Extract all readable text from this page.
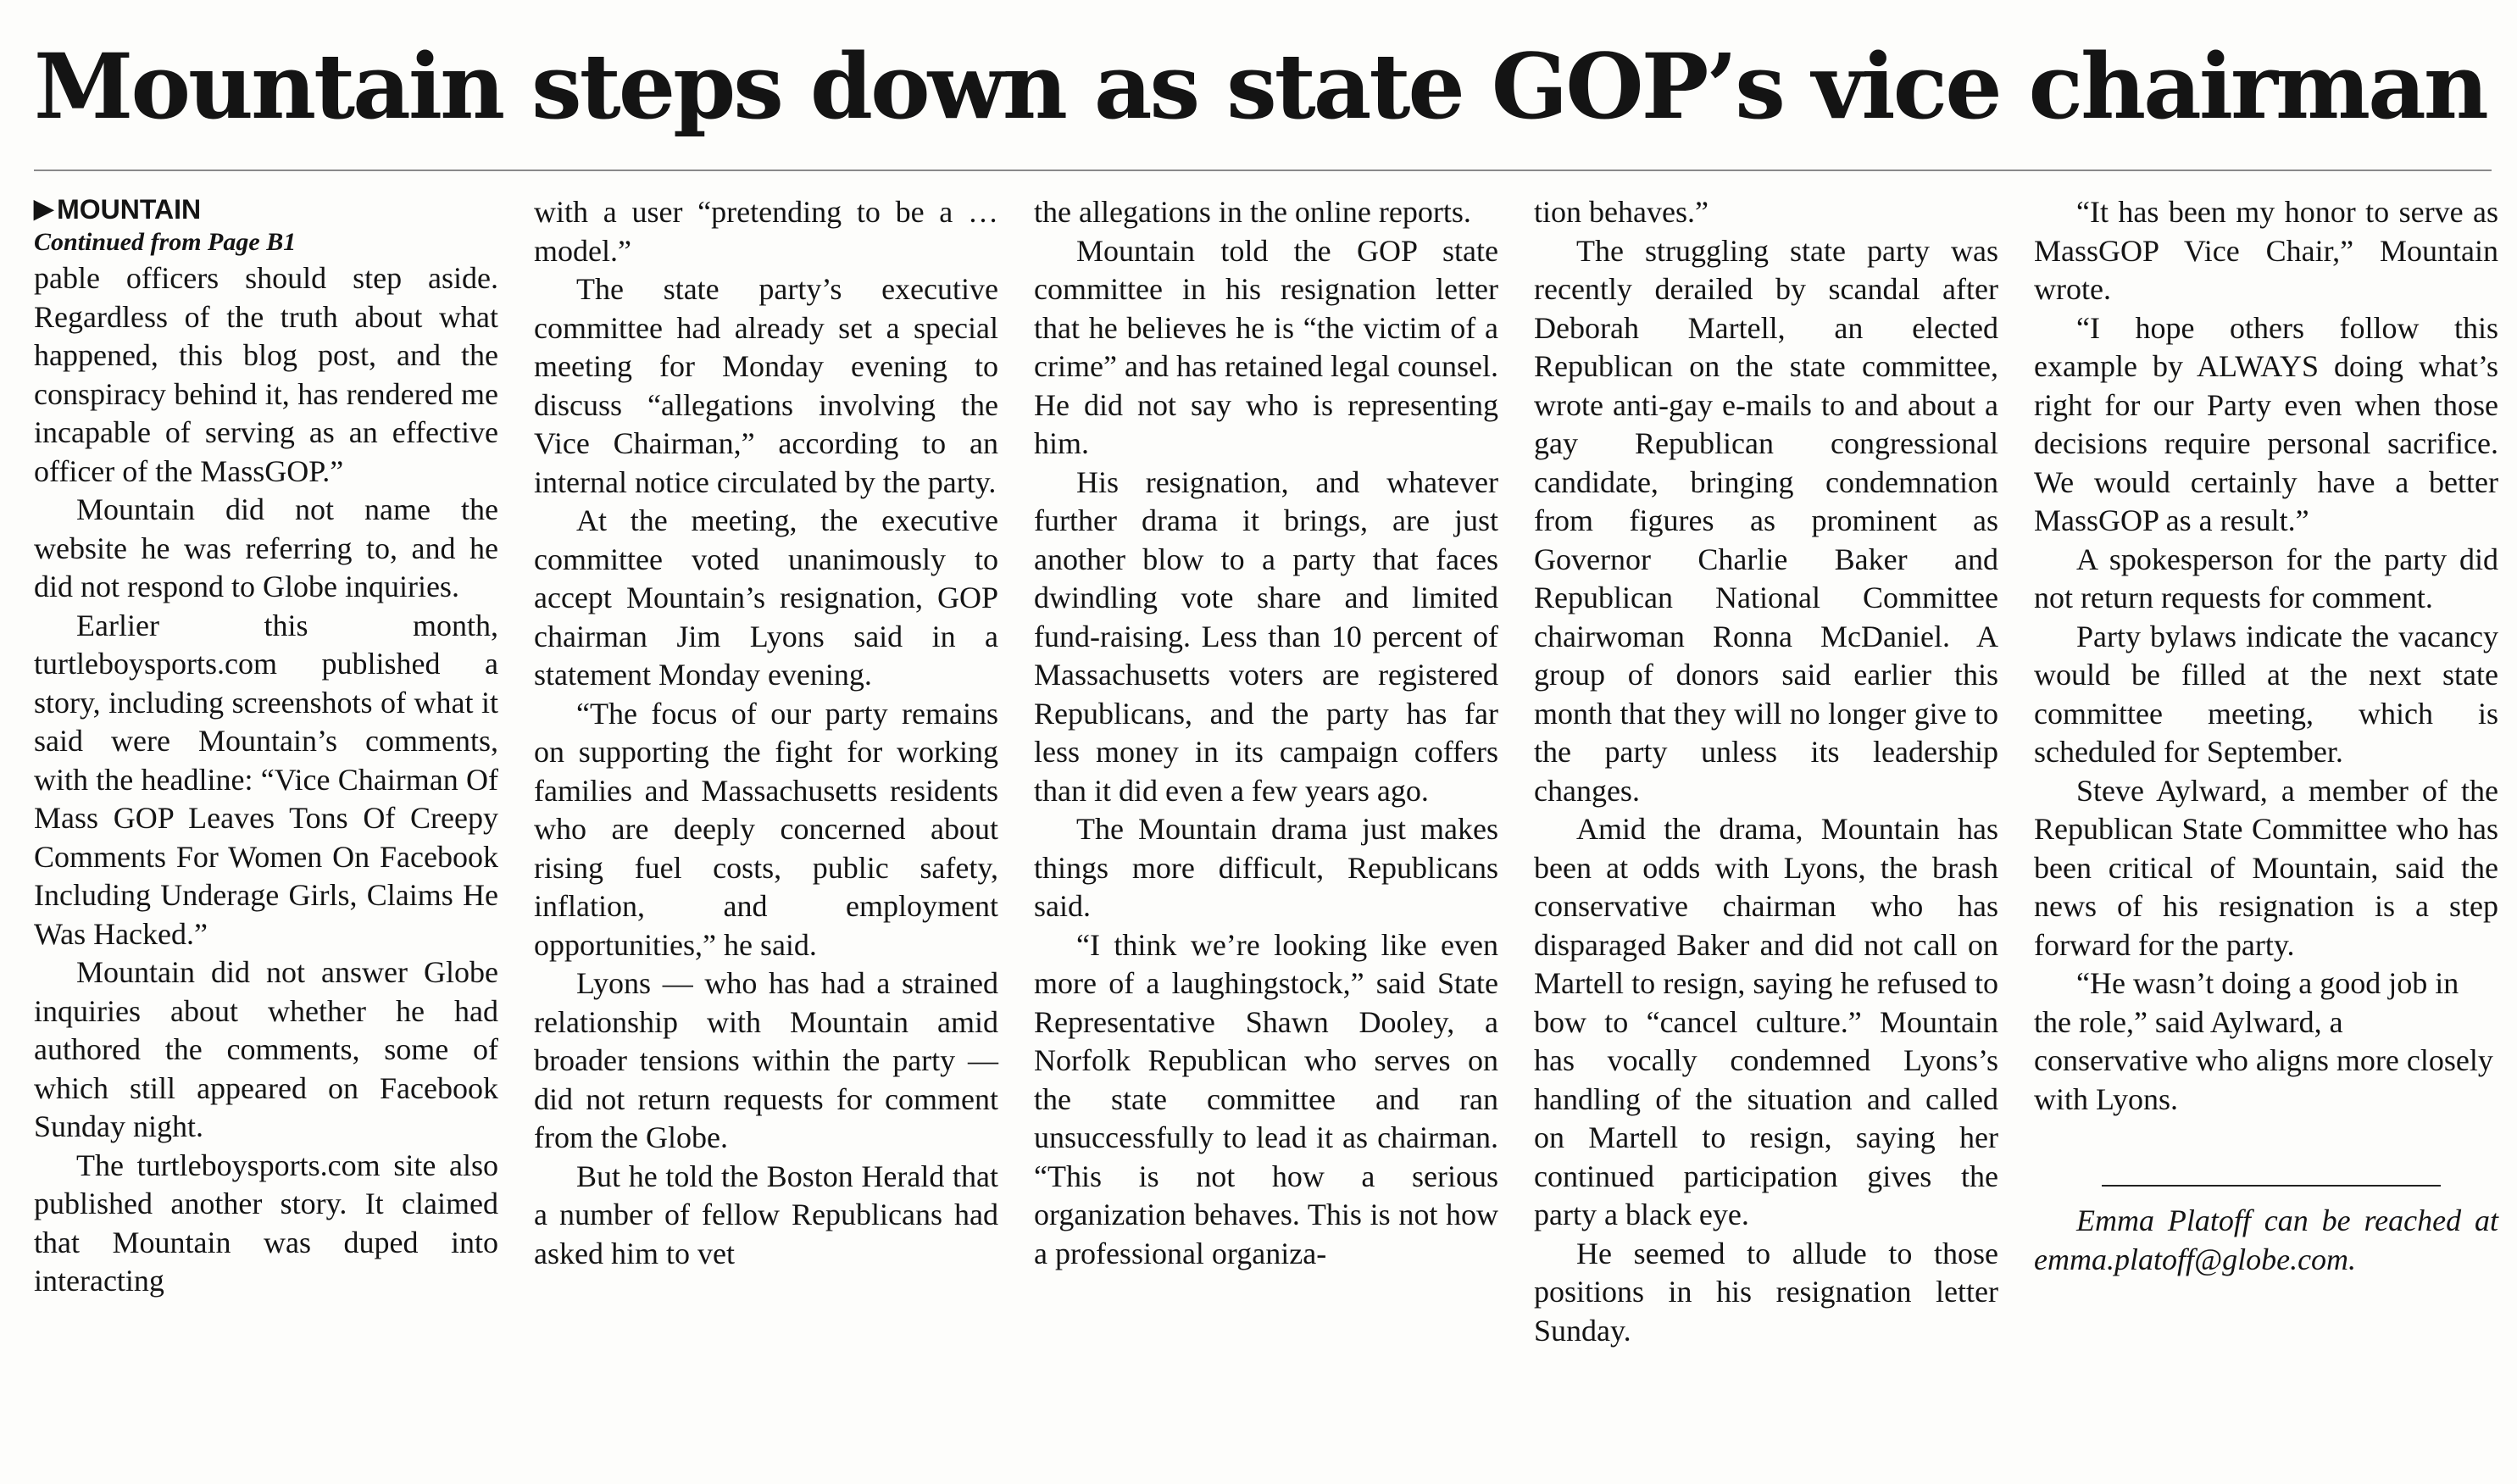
Mountain steps down as state GOP’s vice chairman
▶ MOUNTAIN
Continued from Page B1

pable officers should step aside. Regardless of the truth about what happened, this blog post, and the conspiracy behind it, has rendered me incapable of serving as an effective officer of the MassGOP.”

Mountain did not name the website he was referring to, and he did not respond to Globe inquiries.

Earlier this month, turtleboysports.com published a story, including screenshots of what it said were Mountain’s comments, with the headline: “Vice Chairman Of Mass GOP Leaves Tons Of Creepy Comments For Women On Facebook Including Underage Girls, Claims He Was Hacked.”

Mountain did not answer Globe inquiries about whether he had authored the comments, some of which still appeared on Facebook Sunday night.

The turtleboysports.com site also published another story. It claimed that Mountain was duped into interacting

with a user “pretending to be a … model.”

The state party’s executive committee had already set a special meeting for Monday evening to discuss “allegations involving the Vice Chairman,” according to an internal notice circulated by the party.

At the meeting, the executive committee voted unanimously to accept Mountain’s resignation, GOP chairman Jim Lyons said in a statement Monday evening.

“The focus of our party remains on supporting the fight for working families and Massachusetts residents who are deeply concerned about rising fuel costs, public safety, inflation, and employment opportunities,” he said.

Lyons — who has had a strained relationship with Mountain amid broader tensions within the party — did not return requests for comment from the Globe.

But he told the Boston Herald that a number of fellow Republicans had asked him to vet

the allegations in the online reports.

Mountain told the GOP state committee in his resignation letter that he believes he is “the victim of a crime” and has retained legal counsel. He did not say who is representing him.

His resignation, and whatever further drama it brings, are just another blow to a party that faces dwindling vote share and limited fund-raising. Less than 10 percent of Massachusetts voters are registered Republicans, and the party has far less money in its campaign coffers than it did even a few years ago.

The Mountain drama just makes things more difficult, Republicans said.

“I think we’re looking like even more of a laughingstock,” said State Representative Shawn Dooley, a Norfolk Republican who serves on the state committee and ran unsuccessfully to lead it as chairman. “This is not how a serious organization behaves. This is not how a professional organiza-

tion behaves.”

The struggling state party was recently derailed by scandal after Deborah Martell, an elected Republican on the state committee, wrote anti-gay e-mails to and about a gay Republican congressional candidate, bringing condemnation from figures as prominent as Governor Charlie Baker and Republican National Committee chairwoman Ronna McDaniel. A group of donors said earlier this month that they will no longer give to the party unless its leadership changes.

Amid the drama, Mountain has been at odds with Lyons, the brash conservative chairman who has disparaged Baker and did not call on Martell to resign, saying he refused to bow to “cancel culture.” Mountain has vocally condemned Lyons’s handling of the situation and called on Martell to resign, saying her continued participation gives the party a black eye.

He seemed to allude to those positions in his resignation letter Sunday.

“It has been my honor to serve as MassGOP Vice Chair,” Mountain wrote.

“I hope others follow this example by ALWAYS doing what’s right for our Party even when those decisions require personal sacrifice. We would certainly have a better MassGOP as a result.”

A spokesperson for the party did not return requests for comment.

Party bylaws indicate the vacancy would be filled at the next state committee meeting, which is scheduled for September.

Steve Aylward, a member of the Republican State Committee who has been critical of Mountain, said the news of his resignation is a step forward for the party.

“He wasn’t doing a good job in the role,” said Aylward, a conservative who aligns more closely with Lyons.

Emma Platoff can be reached at emma.platoff@globe.com.
